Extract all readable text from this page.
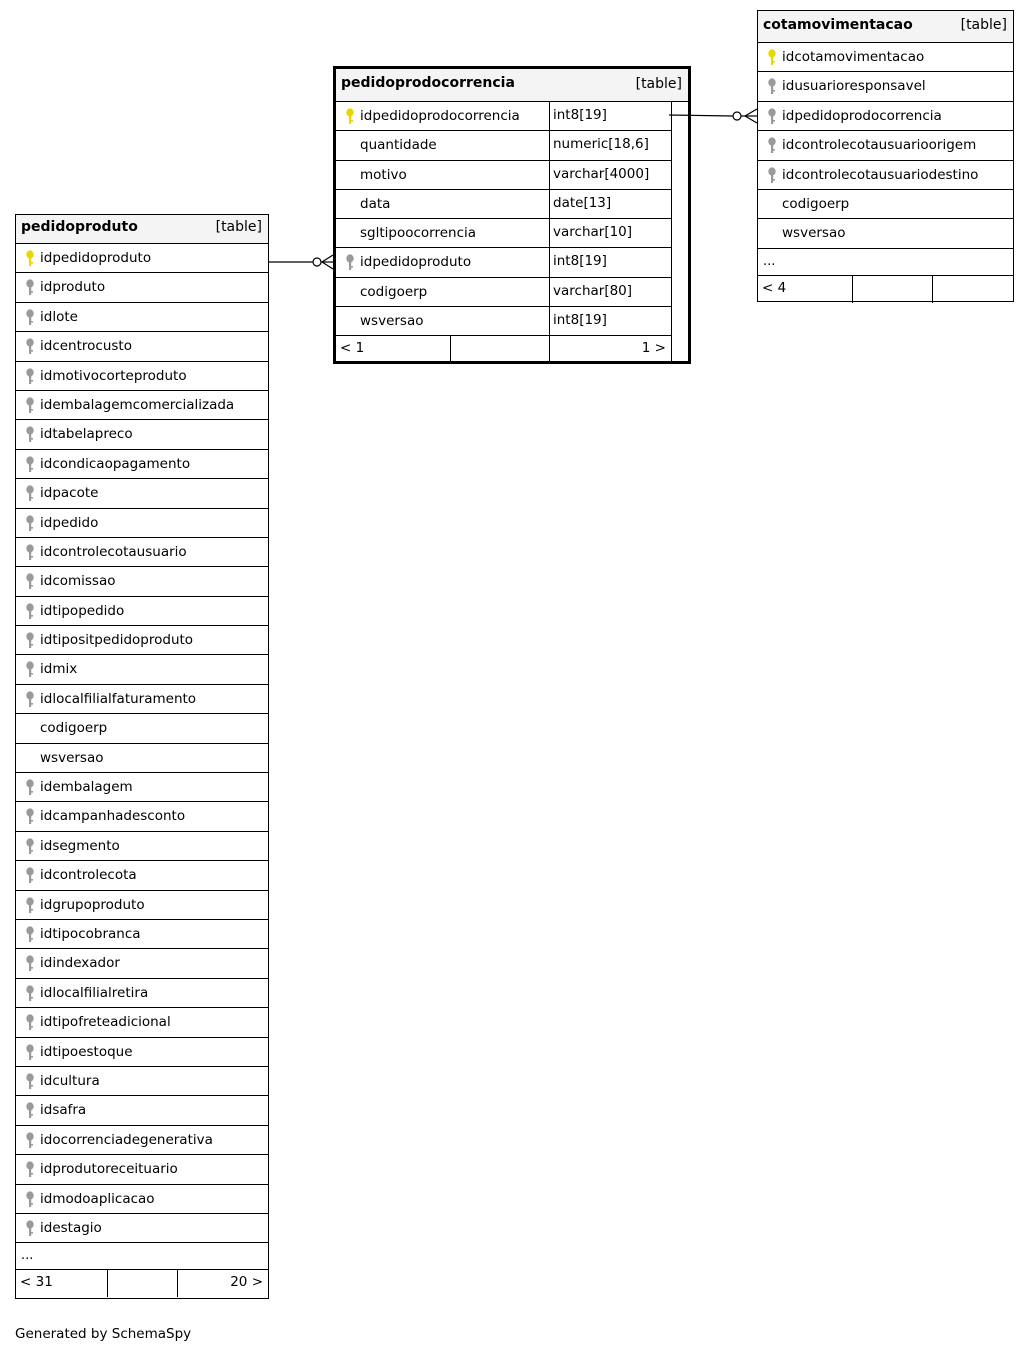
pedidoproduto	[table]
idpedidoproduto
idproduto
idlote
idcentrocusto
idmotivocorteproduto
idembalagemcomercializada
idtabelapreco
idcondicaopagamento
idpacote
idpedido
idcontrolecotausuario
idcomissao
idtipopedido
idtipositpedidoproduto
idmix
idlocalfilialfaturamento
codigoerp
wsversao
idembalagem
idcampanhadesconto
idsegmento
idcontrolecota
idgrupoproduto
idtipocobranca
idindexador
idlocalfilialretira
idtipofreteadicional
idtipoestoque
idcultura
idsafra
idocorrenciadegenerativa
idprodutoreceituario
idmodoaplicacao
idestagio
...
< 31	20 >
pedidoprodocorrencia	[table]
idpedidoprodocorrencia int8[19]
quantidade	numeric[18,6]
motivo	varchar[4000]
data	date[13]
sgltipoocorrencia	varchar[10]
idpedidoproduto	int8[19]
codigoerp	varchar[80]
wsversao	int8[19]
< 1	1 >
cotamovimentacao	[table]
idcotamovimentacao
idusuarioresponsavel
idpedidoprodocorrencia
idcontrolecotausuarioorigem
idcontrolecotausuariodestino
codigoerp
wsversao
...
< 4
Generated by SchemaSpy
